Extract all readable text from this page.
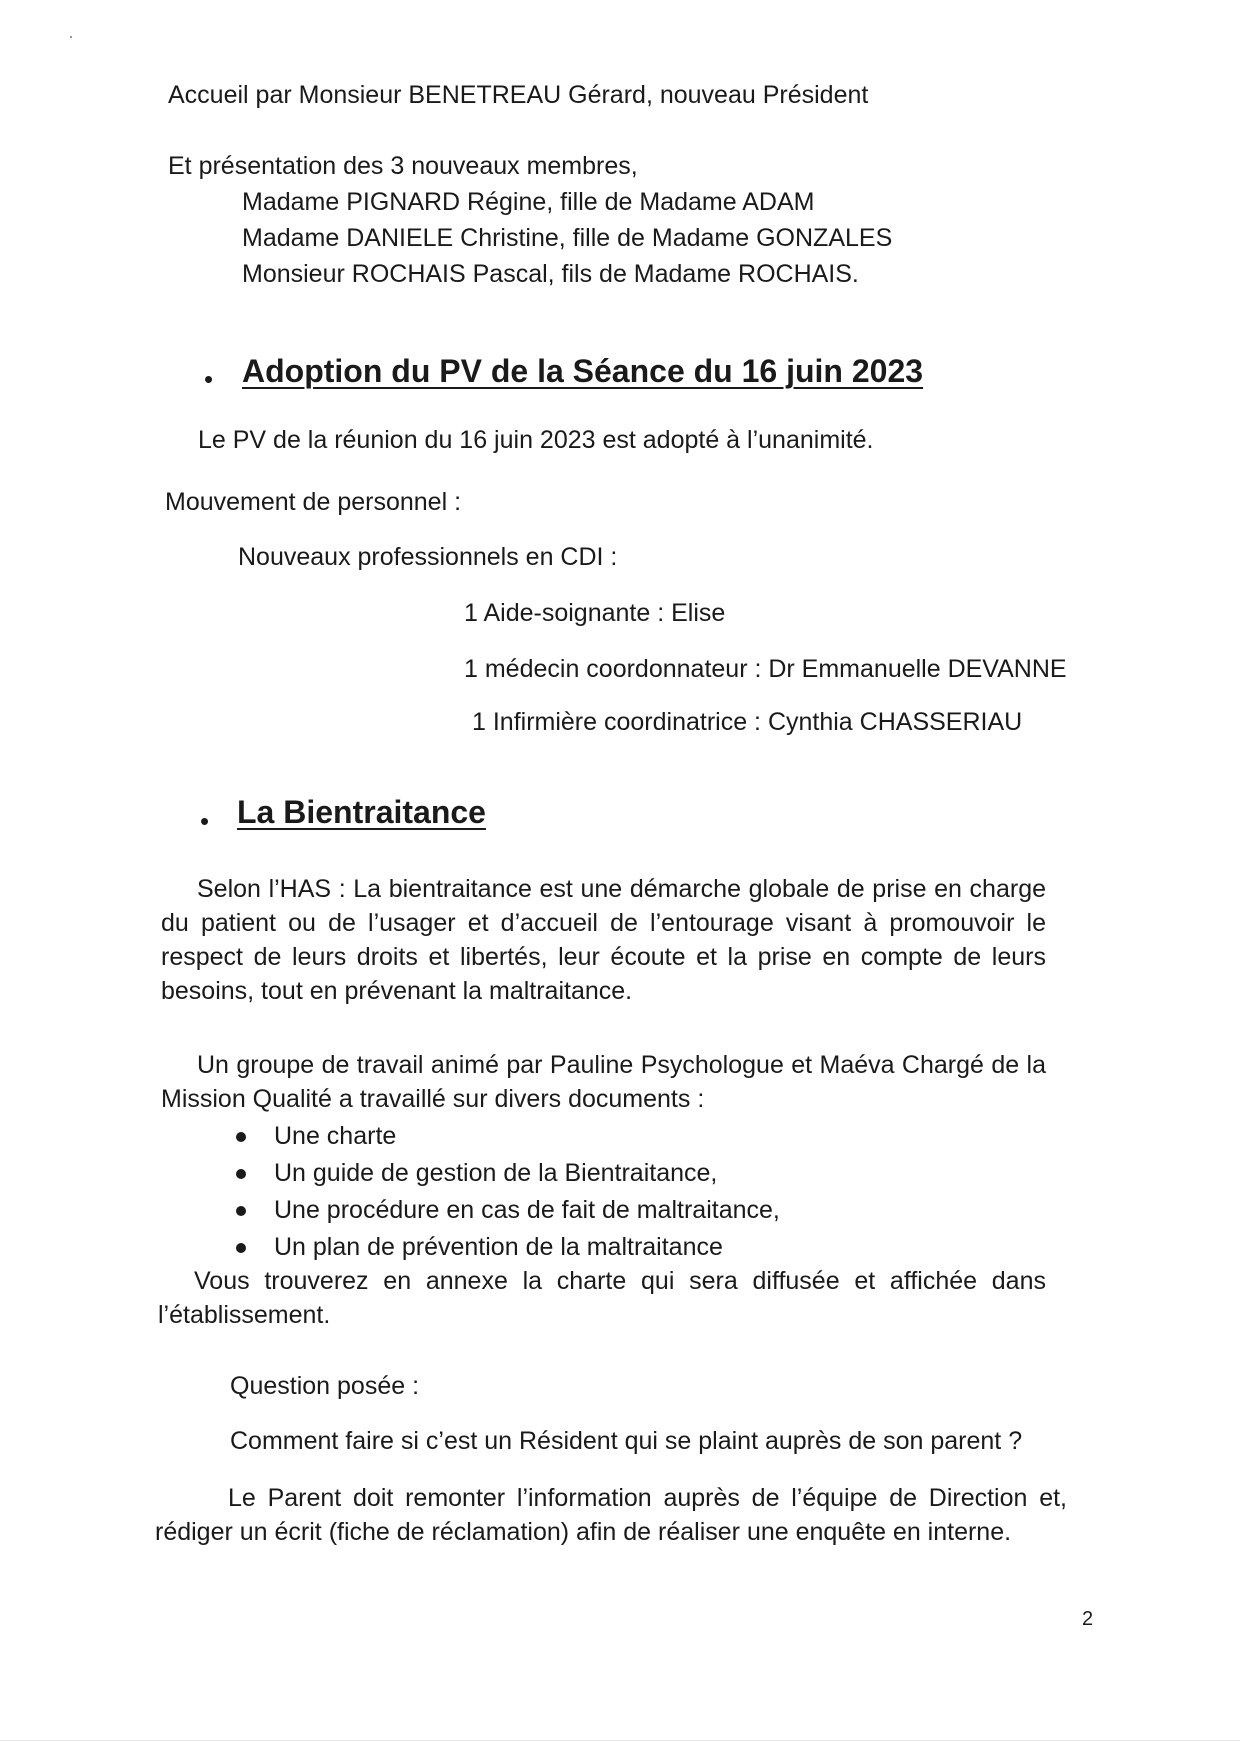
Accueil par Monsieur BENETREAU Gérard, nouveau Président
Et présentation des 3 nouveaux membres,
Madame PIGNARD Régine, fille de Madame ADAM
Madame DANIELE Christine, fille de Madame GONZALES
Monsieur ROCHAIS Pascal, fils de Madame ROCHAIS.
• Adoption du PV de la Séance du 16 juin 2023
Le PV de la réunion du 16 juin 2023 est adopté à l’unanimité.
Mouvement de personnel :
Nouveaux professionnels en CDI :
1 Aide-soignante : Elise
1 médecin coordonnateur : Dr Emmanuelle DEVANNE
1 Infirmière coordinatrice : Cynthia CHASSERIAU
• La Bientraitance
Selon l’HAS : La bientraitance est une démarche globale de prise en charge du patient ou de l’usager et d’accueil de l’entourage visant à promouvoir le respect de leurs droits et libertés, leur écoute et la prise en compte de leurs besoins, tout en prévenant la maltraitance.
Un groupe de travail animé par Pauline Psychologue et Maéva Chargé de la Mission Qualité a travaillé sur divers documents :
Une charte
Un guide de gestion de la Bientraitance,
Une procédure en cas de fait de maltraitance,
Un plan de prévention de la maltraitance
Vous trouverez en annexe la charte qui sera diffusée et affichée dans l’établissement.
Question posée :
Comment faire si c’est un Résident qui se plaint auprès de son parent ?
Le Parent doit remonter l’information auprès de l’équipe de Direction et, rédiger un écrit (fiche de réclamation) afin de réaliser une enquête en interne.
2
